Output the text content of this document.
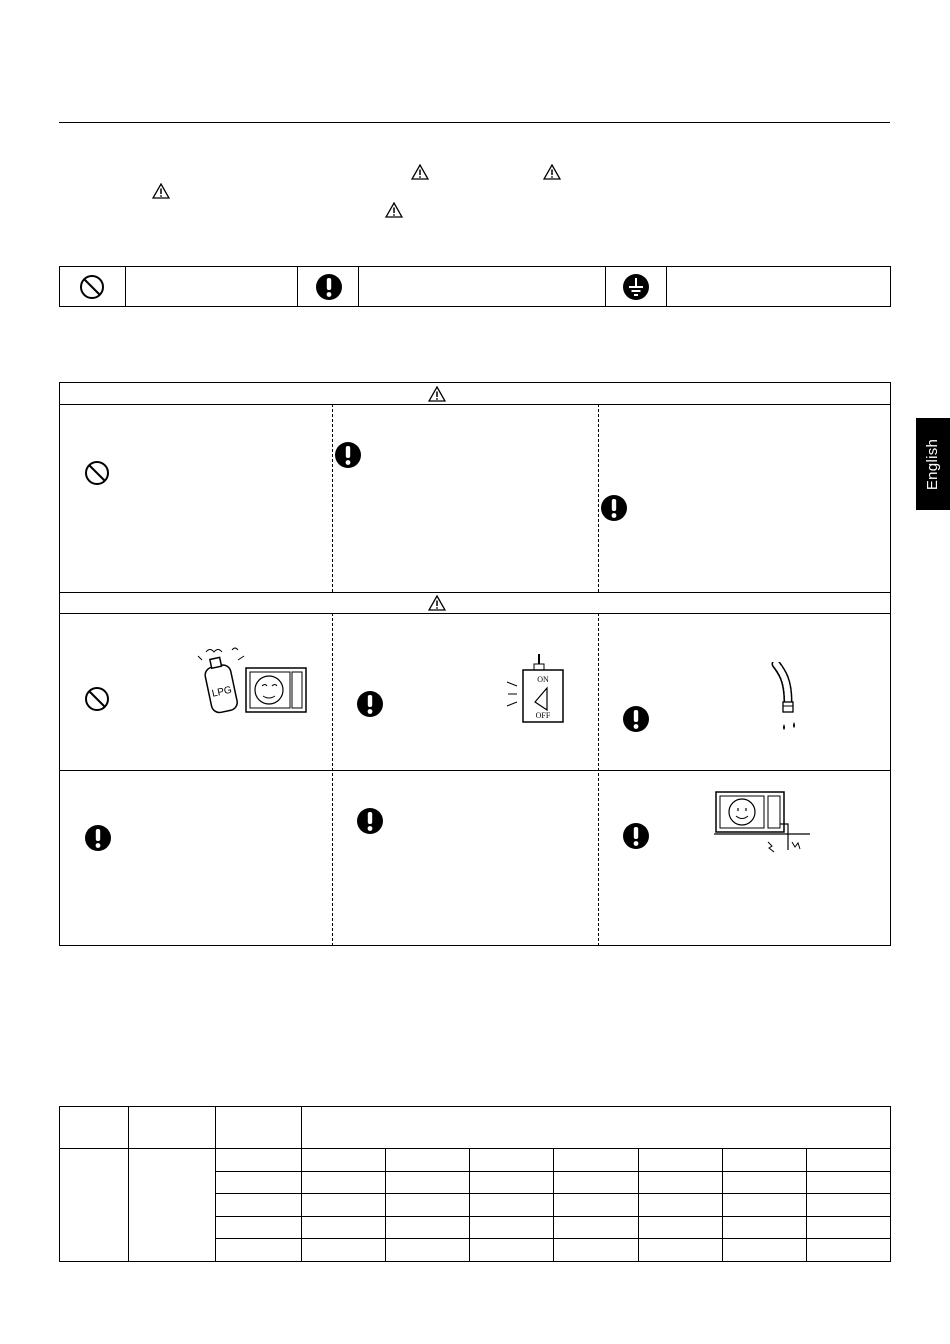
English
LPG
ON
OFF
